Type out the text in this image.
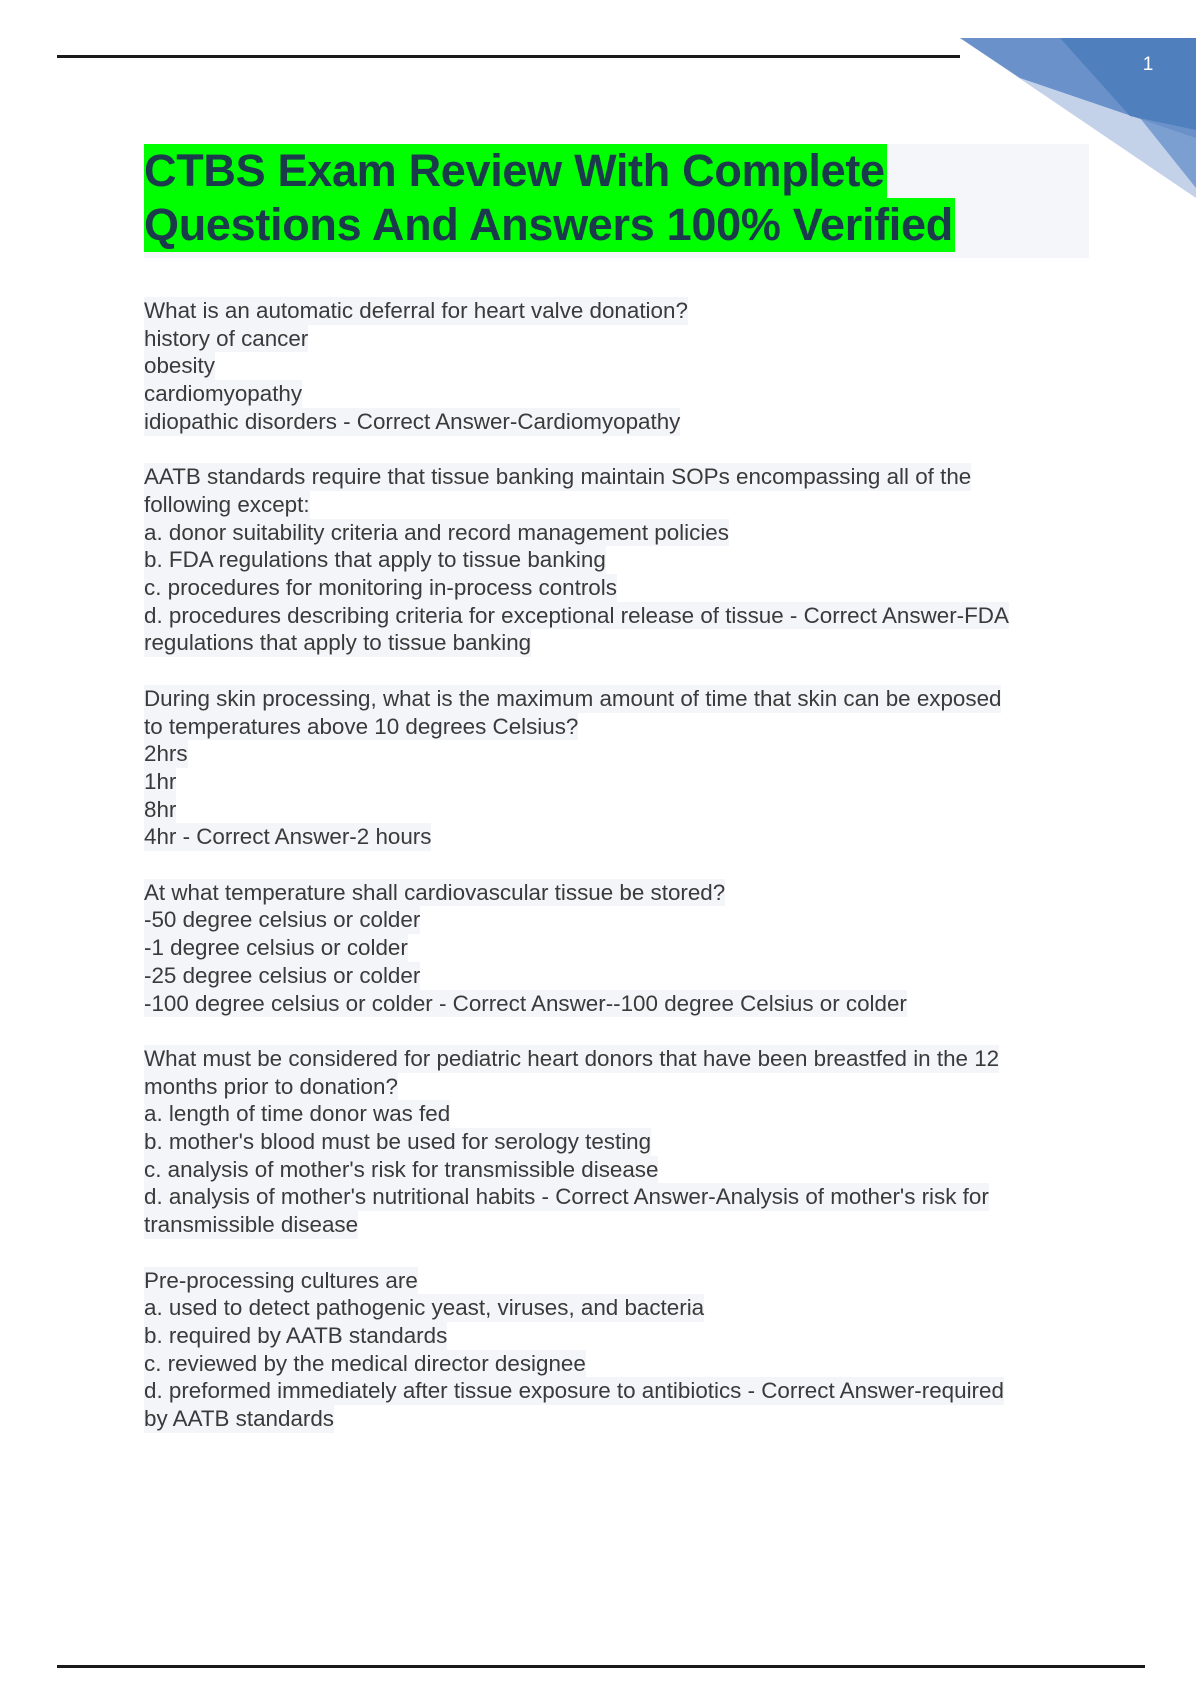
1
CTBS Exam Review With Complete
Questions And Answers 100% Verified
What is an automatic deferral for heart valve donation?
history of cancer
obesity
cardiomyopathy
idiopathic disorders - Correct Answer-Cardiomyopathy
AATB standards require that tissue banking maintain SOPs encompassing all of the
following except:
a. donor suitability criteria and record management policies
b. FDA regulations that apply to tissue banking
c. procedures for monitoring in-process controls
d. procedures describing criteria for exceptional release of tissue - Correct Answer-FDA
regulations that apply to tissue banking
During skin processing, what is the maximum amount of time that skin can be exposed
to temperatures above 10 degrees Celsius?
2hrs
1hr
8hr
4hr - Correct Answer-2 hours
At what temperature shall cardiovascular tissue be stored?
-50 degree celsius or colder
-1 degree celsius or colder
-25 degree celsius or colder
-100 degree celsius or colder - Correct Answer--100 degree Celsius or colder
What must be considered for pediatric heart donors that have been breastfed in the 12
months prior to donation?
a. length of time donor was fed
b. mother's blood must be used for serology testing
c. analysis of mother's risk for transmissible disease
d. analysis of mother's nutritional habits - Correct Answer-Analysis of mother's risk for
transmissible disease
Pre-processing cultures are
a. used to detect pathogenic yeast, viruses, and bacteria
b. required by AATB standards
c. reviewed by the medical director designee
d. preformed immediately after tissue exposure to antibiotics - Correct Answer-required
by AATB standards
